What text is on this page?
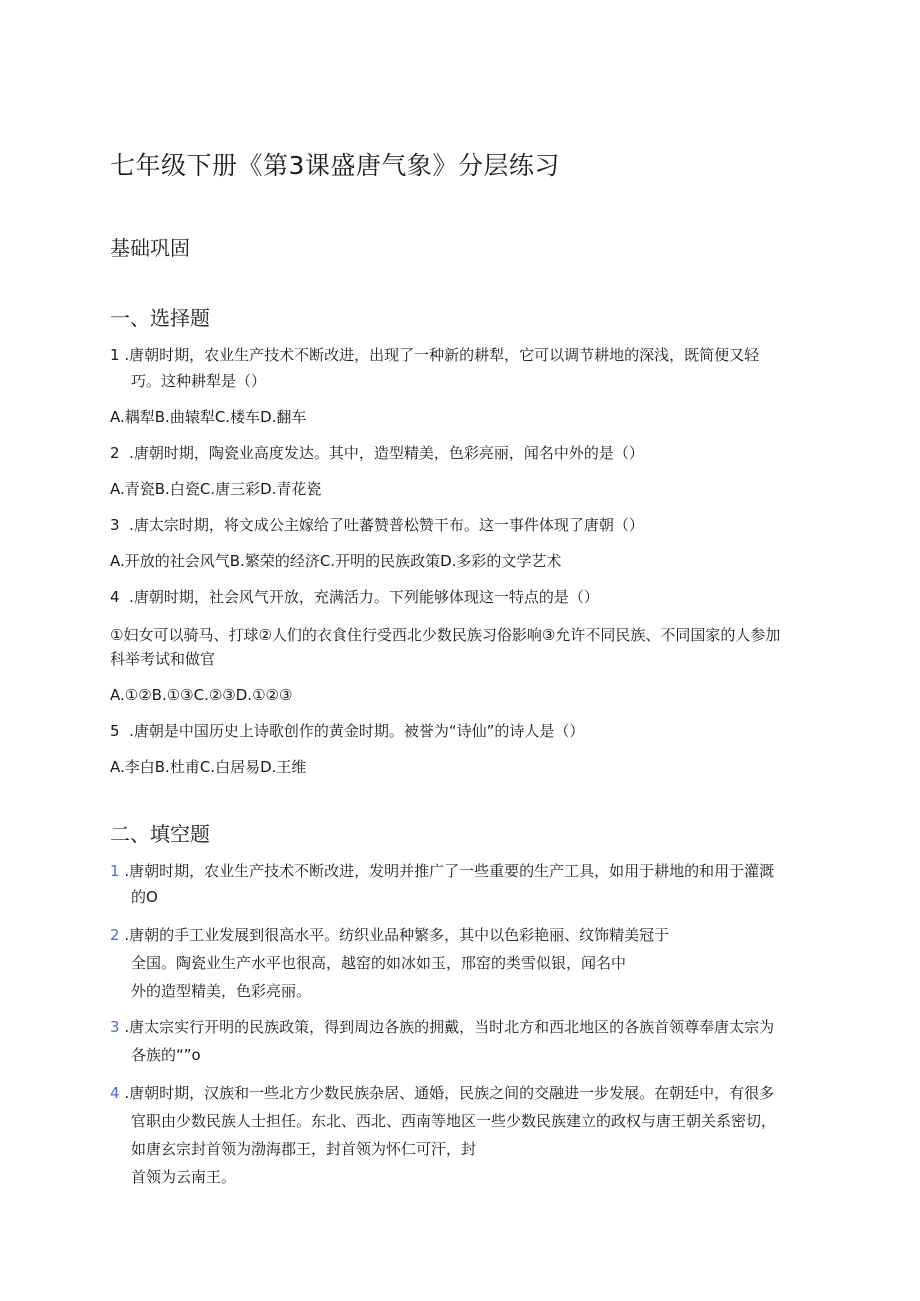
七年级下册《第3课盛唐气象》分层练习
基础巩固
一、选择题
1 .唐朝时期，农业生产技术不断改进，出现了一种新的耕犁，它可以调节耕地的深浅，既简便又轻
巧。这种耕犁是（）
A.耦犁B.曲辕犁C.楼车D.翻车
2 .唐朝时期，陶瓷业高度发达。其中，造型精美，色彩亮丽，闻名中外的是（）
A.青瓷B.白瓷C.唐三彩D.青花瓷
3 .唐太宗时期，将文成公主嫁给了吐蕃赞普松赞干布。这一事件体现了唐朝（）
A.开放的社会风气B.繁荣的经济C.开明的民族政策D.多彩的文学艺术
4 .唐朝时期，社会风气开放，充满活力。下列能够体现这一特点的是（）
①妇女可以骑马、打球②人们的衣食住行受西北少数民族习俗影响③允许不同民族、不同国家的人参加
科举考试和做官
A.①②B.①③C.②③D.①②③
5 .唐朝是中国历史上诗歌创作的黄金时期。被誉为“诗仙”的诗人是（）
A.李白B.杜甫C.白居易D.王维
二、填空题
1 .唐朝时期，农业生产技术不断改进，发明并推广了一些重要的生产工具，如用于耕地的和用于灌溉
的O
2 .唐朝的手工业发展到很高水平。纺织业品种繁多，其中以色彩艳丽、纹饰精美冠于
全国。陶瓷业生产水平也很高，越窑的如冰如玉，邢窑的类雪似银，闻名中
外的造型精美，色彩亮丽。
3 .唐太宗实行开明的民族政策，得到周边各族的拥戴，当时北方和西北地区的各族首领尊奉唐太宗为
各族的“”o
4 .唐朝时期，汉族和一些北方少数民族杂居、通婚，民族之间的交融进一步发展。在朝廷中，有很多
官职由少数民族人士担任。东北、西北、西南等地区一些少数民族建立的政权与唐王朝关系密切，
如唐玄宗封首领为渤海郡王，封首领为怀仁可汗，封
首领为云南王。
